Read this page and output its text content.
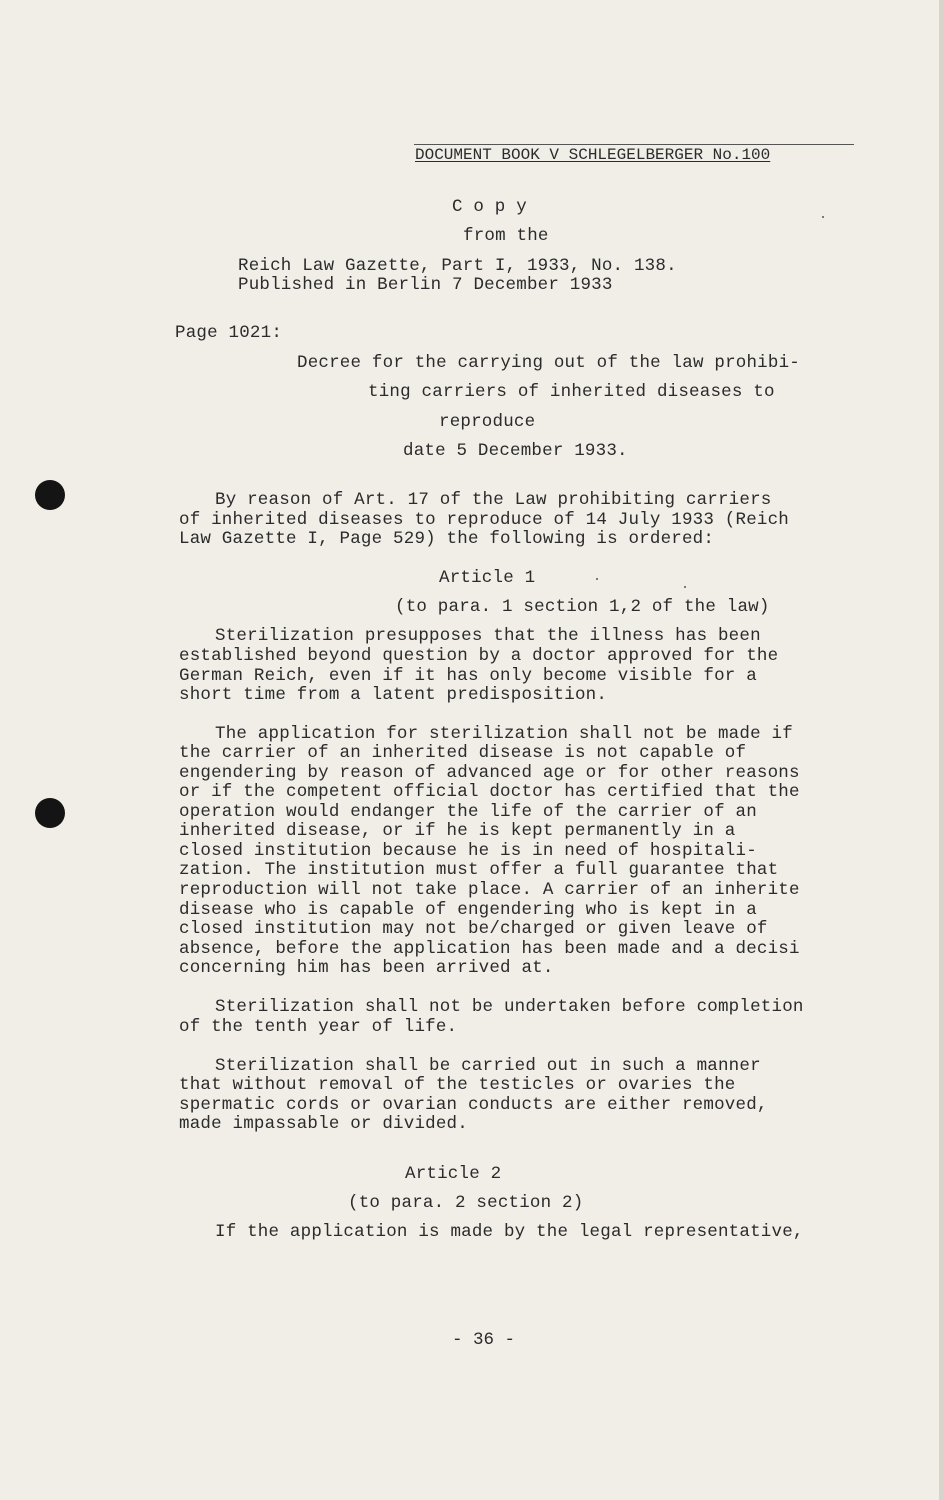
DOCUMENT BOOK V SCHLEGELBERGER No.100
C o p y
from the
Reich Law Gazette, Part I, 1933, No. 138.
Published in Berlin 7 December 1933
Page 1021:
Decree for the carrying out of the law prohibi-
ting carriers of inherited diseases to
reproduce
date 5 December 1933.
By reason of Art. 17 of the Law prohibiting carriers
of inherited diseases to reproduce of 14 July 1933 (Reich
Law Gazette I, Page 529) the following is ordered:
Article 1
(to para. 1 section 1,2 of the law)
Sterilization presupposes that the illness has been
established beyond question by a doctor approved for the
German Reich, even if it has only become visible for a
short time from a latent predisposition.
The application for sterilization shall not be made if
the carrier of an inherited disease is not capable of
engendering by reason of advanced age or for other reasons
or if the competent official doctor has certified that the
operation would endanger the life of the carrier of an
inherited disease, or if he is kept permanently in a
closed institution because he is in need of hospitali-
zation. The institution must offer a full guarantee that
reproduction will not take place. A carrier of an inherite
disease who is capable of engendering who is kept in a
closed institution may not be/charged or given leave of
absence, before the application has been made and a decisi
concerning him has been arrived at.
Sterilization shall not be undertaken before completion
of the tenth year of life.
Sterilization shall be carried out in such a manner
that without removal of the testicles or ovaries the
spermatic cords or ovarian conducts are either removed,
made impassable or divided.
Article 2
(to para. 2 section 2)
If the application is made by the legal representative,
- 36 -
